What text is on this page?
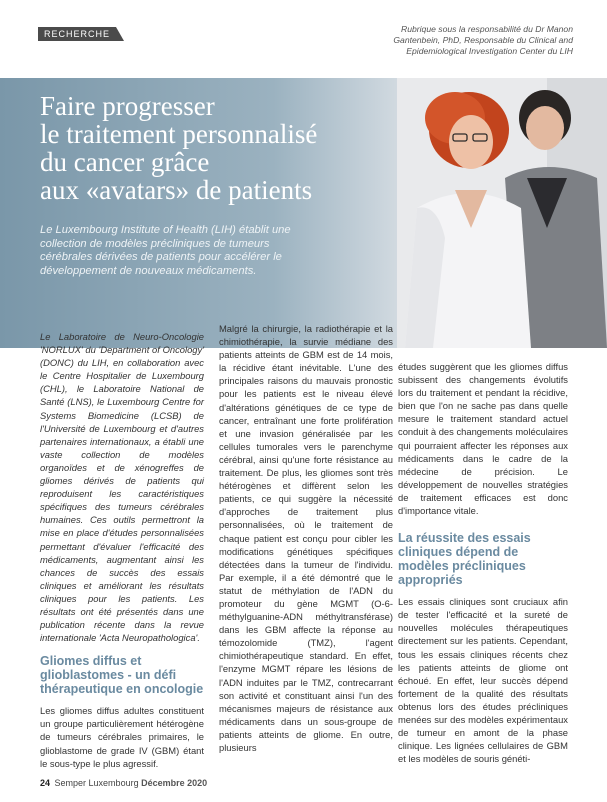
RECHERCHE	Rubrique sous la responsabilité du Dr Manon
Gantenbein, PhD, Responsable du Clinical and
Epidemiological Investigation Center du LIH
Faire progresser
le traitement personnalisé
du cancer grâce
aux «avatars» de patients

Le Luxembourg Institute of Health (LIH) établit une collection de modèles précliniques de tumeurs cérébrales dérivées de patients pour accélérer le développement de nouveaux médicaments.

Le Laboratoire de Neuro-Oncologie 'NORLUX' du 'Department of Oncology' (DONC) du LIH, en collaboration avec le Centre Hospitalier de Luxembourg (CHL), le Laboratoire National de Santé (LNS), le Luxembourg Centre for Systems Biomedicine (LCSB) de l'Université de Luxembourg et d'autres partenaires internationaux, a établi une vaste collection de modèles organoïdes et de xénogreffes de gliomes dérivés de patients qui reproduisent les caractéristiques spécifiques des tumeurs cérébrales humaines. Ces outils permettront la mise en place d'études personnalisées permettant d'évaluer l'efficacité des médicaments, augmentant ainsi les chances de succès des essais cliniques et améliorant les résultats cliniques pour les patients. Les résultats ont été présentés dans une publication récente dans la revue internationale 'Acta Neuropathologica'.

Gliomes diffus et glioblastomes - un défi thérapeutique en oncologie

Les gliomes diffus adultes constituent un groupe particulièrement hétérogène de tumeurs cérébrales primaires, le glioblastome de grade IV (GBM) étant le sous-type le plus agressif.

Malgré la chirurgie, la radiothérapie et la chimiothérapie, la survie médiane des patients atteints de GBM est de 14 mois, la récidive étant inévitable. L'une des principales raisons du mauvais pronostic pour les patients est le niveau élevé d'altérations génétiques de ce type de cancer, entraînant une forte prolifération et une invasion généralisée par les cellules tumorales vers le parenchyme cérébral, ainsi qu'une forte résistance au traitement. De plus, les gliomes sont très hétérogènes et diffèrent selon les patients, ce qui suggère la nécessité d'approches de traitement plus personnalisées, où le traitement de chaque patient est conçu pour cibler les modifications génétiques spécifiques détectées dans la tumeur de l'individu. Par exemple, il a été démontré que le statut de méthylation de l'ADN du promoteur du gène MGMT (O-6-méthylguanine-ADN méthyltransférase) dans les GBM affecte la réponse au témozolomide (TMZ), l'agent chimiothérapeutique standard. En effet, l'enzyme MGMT répare les lésions de l'ADN induites par le TMZ, contrecarrant son activité et constituant ainsi l'un des mécanismes majeurs de résistance aux médicaments dans un sous-groupe de patients atteints de gliome. En outre, plusieurs

études suggèrent que les gliomes diffus subissent des changements évolutifs lors du traitement et pendant la récidive, bien que l'on ne sache pas dans quelle mesure le traitement standard actuel conduit à des changements moléculaires qui pourraient affecter les réponses aux médicaments dans le cadre de la médecine de précision. Le développement de nouvelles stratégies de traitement efficaces est donc d'importance vitale.

La réussite des essais cliniques dépend de modèles précliniques appropriés

Les essais cliniques sont cruciaux afin de tester l'efficacité et la sureté de nouvelles molécules thérapeutiques directement sur les patients. Cependant, tous les essais cliniques récents chez les patients atteints de gliome ont échoué. En effet, leur succès dépend fortement de la qualité des résultats obtenus lors des études précliniques menées sur des modèles expérimentaux de tumeur en amont de la phase clinique. Les lignées cellulaires de GBM et les modèles de souris généti-

24 Semper Luxembourg Décembre 2020
